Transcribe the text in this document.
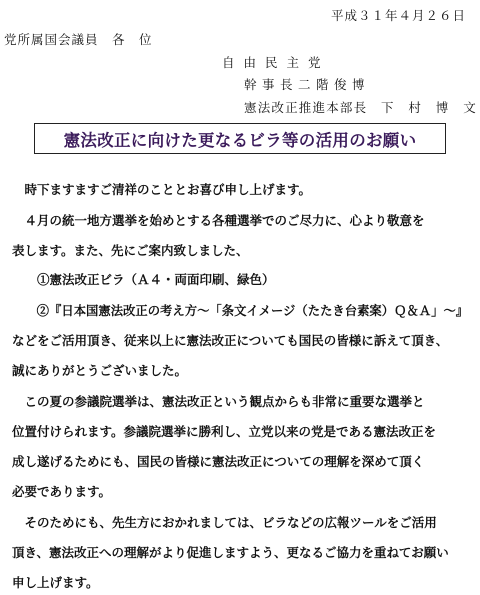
平成３１年４月２６日
党所属国会議員　各　位
自由民主党
幹事長二階俊博
憲法改正推進本部長　下　村　博　文
憲法改正に向けた更なるビラ等の活用のお願い
　時下ますますご清祥のこととお喜び申し上げます。
　４月の統一地方選挙を始めとする各種選挙でのご尽力に、心より敬意を
表します。また、先にご案内致しました、
　　①憲法改正ビラ（Ａ４・両面印刷、緑色）
　　②『日本国憲法改正の考え方～「条文イメージ（たたき台素案）Ｑ＆Ａ」～』
などをご活用頂き、従来以上に憲法改正についても国民の皆様に訴えて頂き、
誠にありがとうございました。
　この夏の参議院選挙は、憲法改正という観点からも非常に重要な選挙と
位置付けられます。参議院選挙に勝利し、立党以来の党是である憲法改正を
成し遂げるためにも、国民の皆様に憲法改正についての理解を深めて頂く
必要であります。
　そのためにも、先生方におかれましては、ビラなどの広報ツールをご活用
頂き、憲法改正への理解がより促進しますよう、更なるご協力を重ねてお願い
申し上げます。
